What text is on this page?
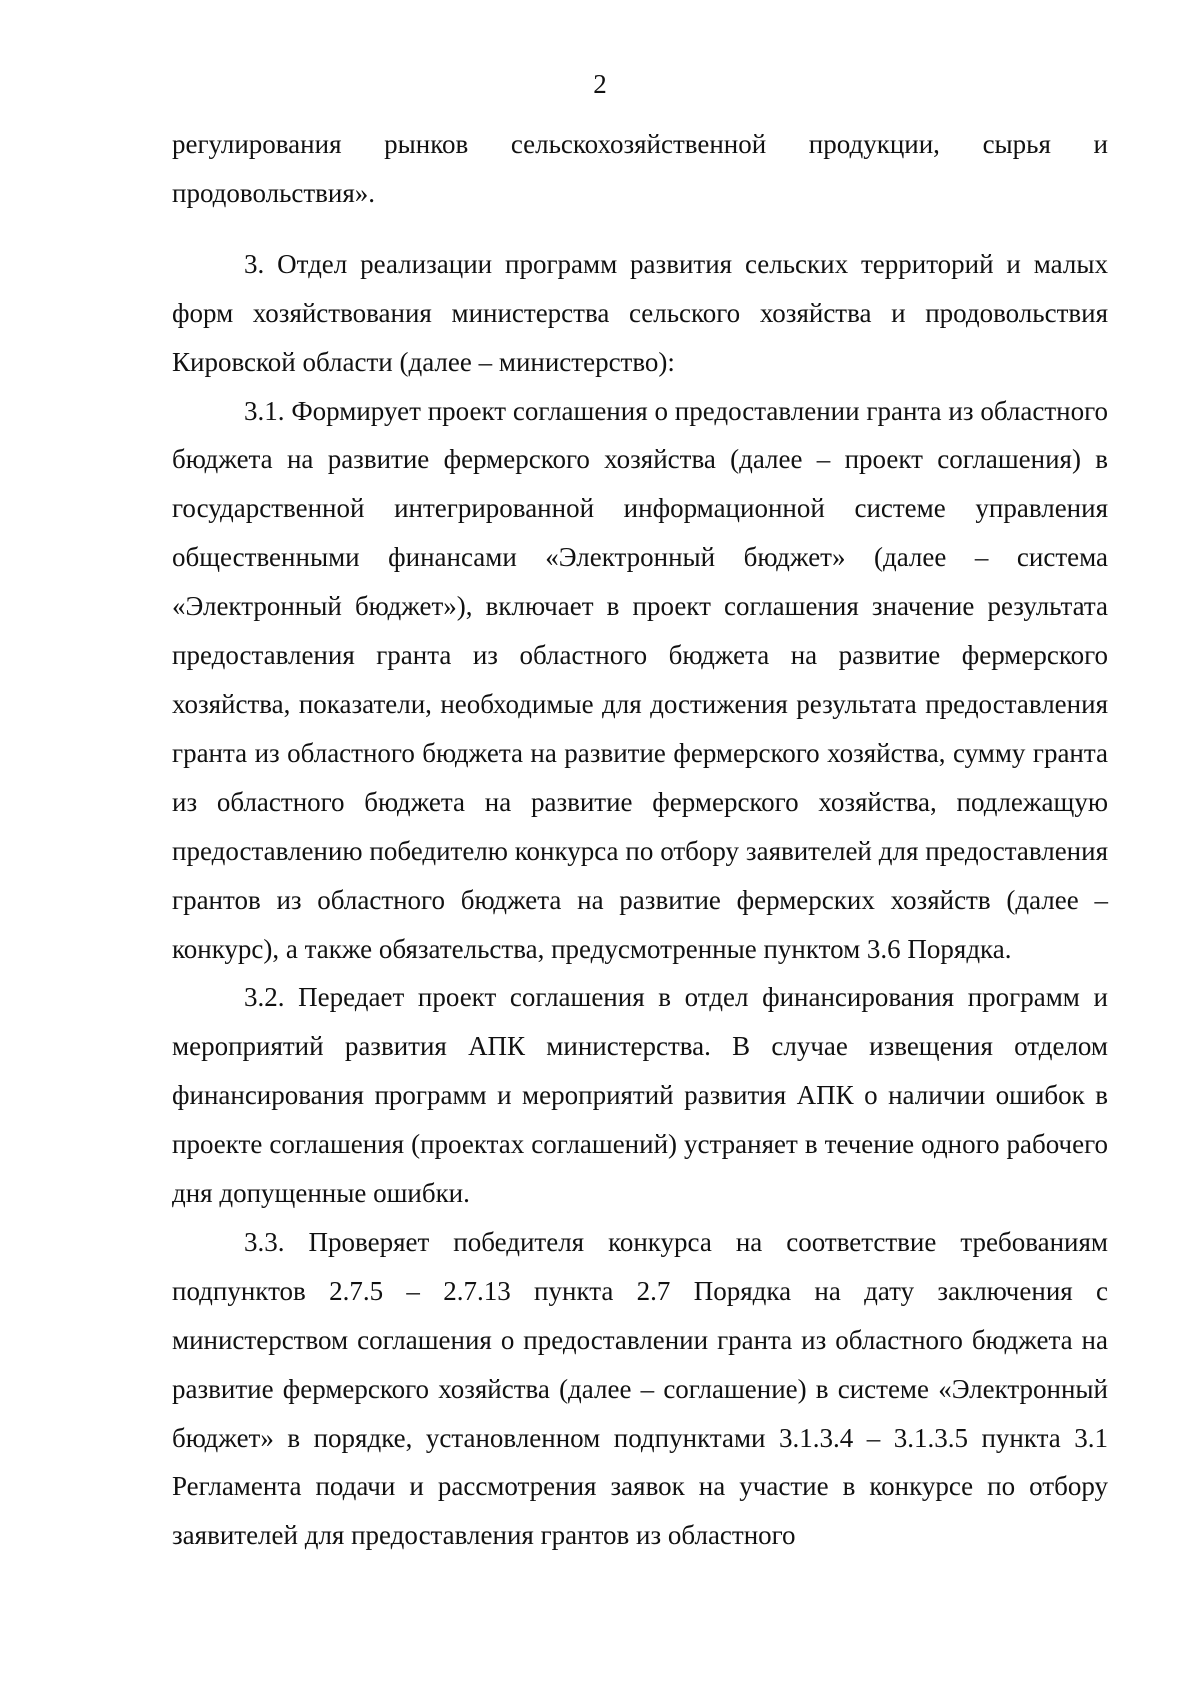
2

регулирования рынков сельскохозяйственной продукции, сырья и
продовольствия».

3. Отдел реализации программ развития сельских территорий и малых форм хозяйствования министерства сельского хозяйства и продовольствия Кировской области (далее – министерство):

3.1. Формирует проект соглашения о предоставлении гранта из областного бюджета на развитие фермерского хозяйства (далее – проект соглашения) в государственной интегрированной информационной системе управления общественными финансами «Электронный бюджет» (далее – система «Электронный бюджет»), включает в проект соглашения значение результата предоставления гранта из областного бюджета на развитие фермерского хозяйства, показатели, необходимые для достижения результата предоставления гранта из областного бюджета на развитие фермерского хозяйства, сумму гранта из областного бюджета на развитие фермерского хозяйства, подлежащую предоставлению победителю конкурса по отбору заявителей для предоставления грантов из областного бюджета на развитие фермерских хозяйств (далее – конкурс), а также обязательства, предусмотренные пунктом 3.6 Порядка.

3.2. Передает проект соглашения в отдел финансирования программ и мероприятий развития АПК министерства. В случае извещения отделом финансирования программ и мероприятий развития АПК о наличии ошибок в проекте соглашения (проектах соглашений) устраняет в течение одного рабочего дня допущенные ошибки.

3.3. Проверяет победителя конкурса на соответствие требованиям подпунктов 2.7.5 – 2.7.13 пункта 2.7 Порядка на дату заключения с министерством соглашения о предоставлении гранта из областного бюджета на развитие фермерского хозяйства (далее – соглашение) в системе «Электронный бюджет» в порядке, установленном подпунктами 3.1.3.4 – 3.1.3.5 пункта 3.1 Регламента подачи и рассмотрения заявок на участие в конкурсе по отбору заявителей для предоставления грантов из областного
